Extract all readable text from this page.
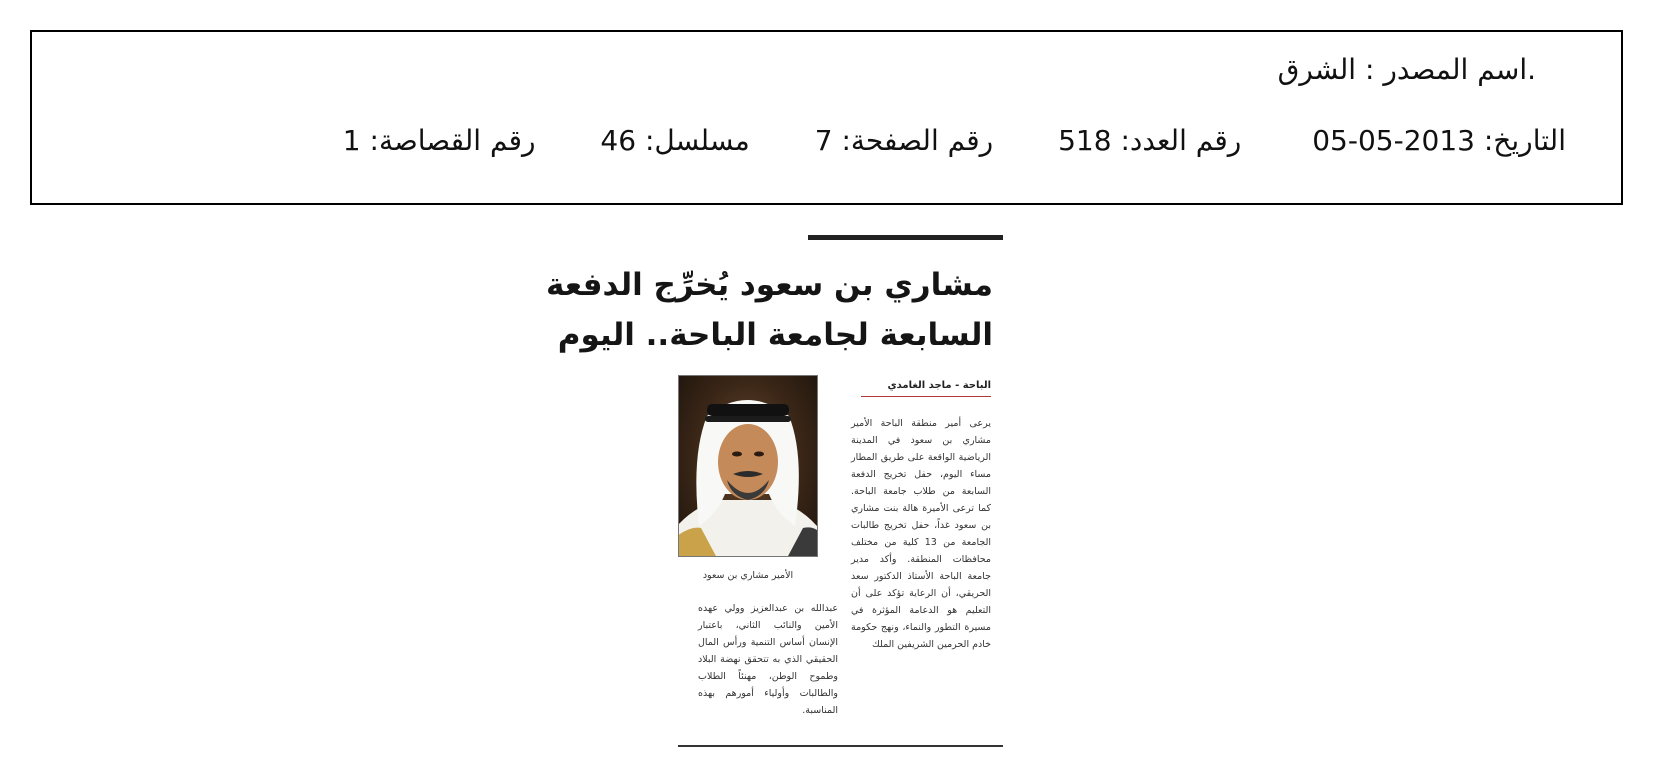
.اسم المصدر : الشرق
التاريخ: 2013-05-05 رقم العدد: 518 رقم الصفحة: 7 مسلسل: 46 رقم القصاصة: 1
مشاري بن سعود يُخرِّج الدفعة
السابعة لجامعة الباحة.. اليوم
الباحة - ماجد الغامدي
يرعى أمير منطقة الباحة الأمير مشاري بن سعود في المدينة الرياضية الواقعة على طريق المطار مساء اليوم، حفل تخريج الدفعة السابعة من طلاب جامعة الباحة. كما ترعى الأميرة هالة بنت مشاري بن سعود غداً، حفل تخريج طالبات الجامعة من 13 كلية من مختلف محافظات المنطقة. وأكد مدير جامعة الباحة الأستاذ الدكتور سعد الحريقي، أن الرعاية تؤكد على أن التعليم هو الدعامة المؤثرة في مسيرة التطور والنماء، ونهج حكومة خادم الحرمين الشريفين الملك
الأمير مشاري بن سعود
عبدالله بن عبدالعزيز وولي عهده الأمين والنائب الثاني، باعتبار الإنسان أساس التنمية ورأس المال الحقيقي الذي به تتحقق نهضة البلاد وطموح الوطن، مهنئاً الطلاب والطالبات وأولياء أمورهم بهذه المناسبة.
